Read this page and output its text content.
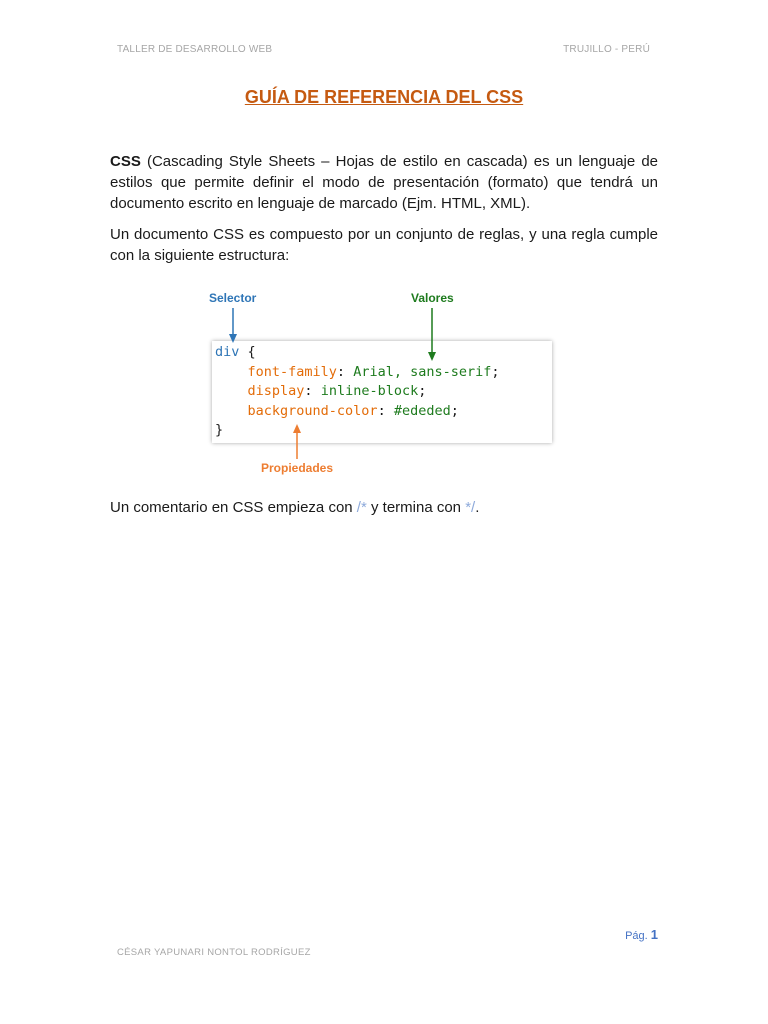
TALLER DE DESARROLLO WEB	TRUJILLO - PERÚ
GUÍA DE REFERENCIA DEL CSS
CSS (Cascading Style Sheets – Hojas de estilo en cascada) es un lenguaje de estilos que permite definir el modo de presentación (formato) que tendrá un documento escrito en lenguaje de marcado (Ejm. HTML, XML).
Un documento CSS es compuesto por un conjunto de reglas, y una regla cumple con la siguiente estructura:
Selector	Valores
div {
font-family: Arial, sans-serif;
display: inline-block;
background-color: #ededed;
}
Propiedades
Un comentario en CSS empieza con /* y termina con */.
Pág. 1
CÉSAR YAPUNARI NONTOL RODRÍGUEZ
